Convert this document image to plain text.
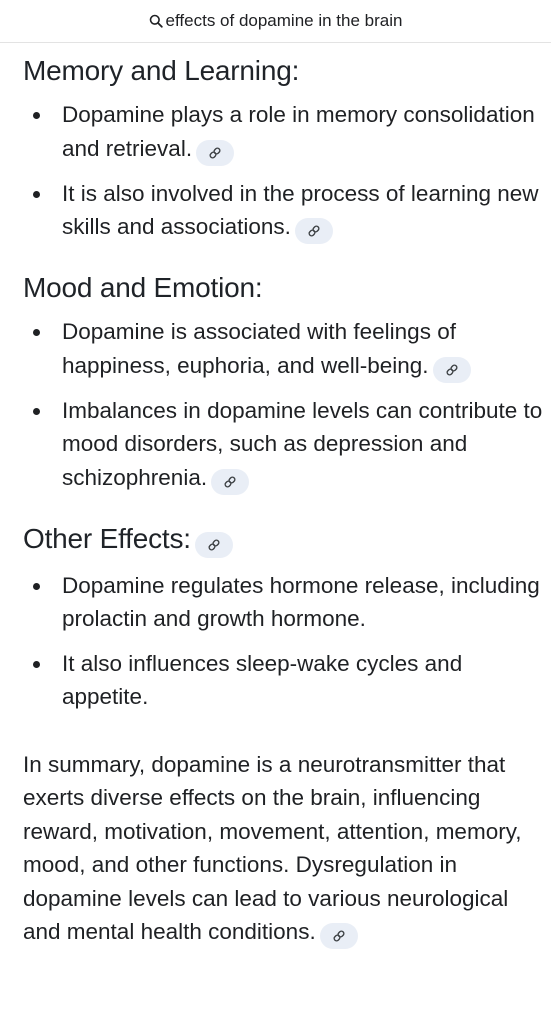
effects of dopamine in the brain
Memory and Learning:
Dopamine plays a role in memory consolidation and retrieval.
It is also involved in the process of learning new skills and associations.
Mood and Emotion:
Dopamine is associated with feelings of happiness, euphoria, and well-being.
Imbalances in dopamine levels can contribute to mood disorders, such as depression and schizophrenia.
Other Effects:
Dopamine regulates hormone release, including prolactin and growth hormone.
It also influences sleep-wake cycles and appetite.

In summary, dopamine is a neurotransmitter that exerts diverse effects on the brain, influencing reward, motivation, movement, attention, memory, mood, and other functions. Dysregulation in dopamine levels can lead to various neurological and mental health conditions.
